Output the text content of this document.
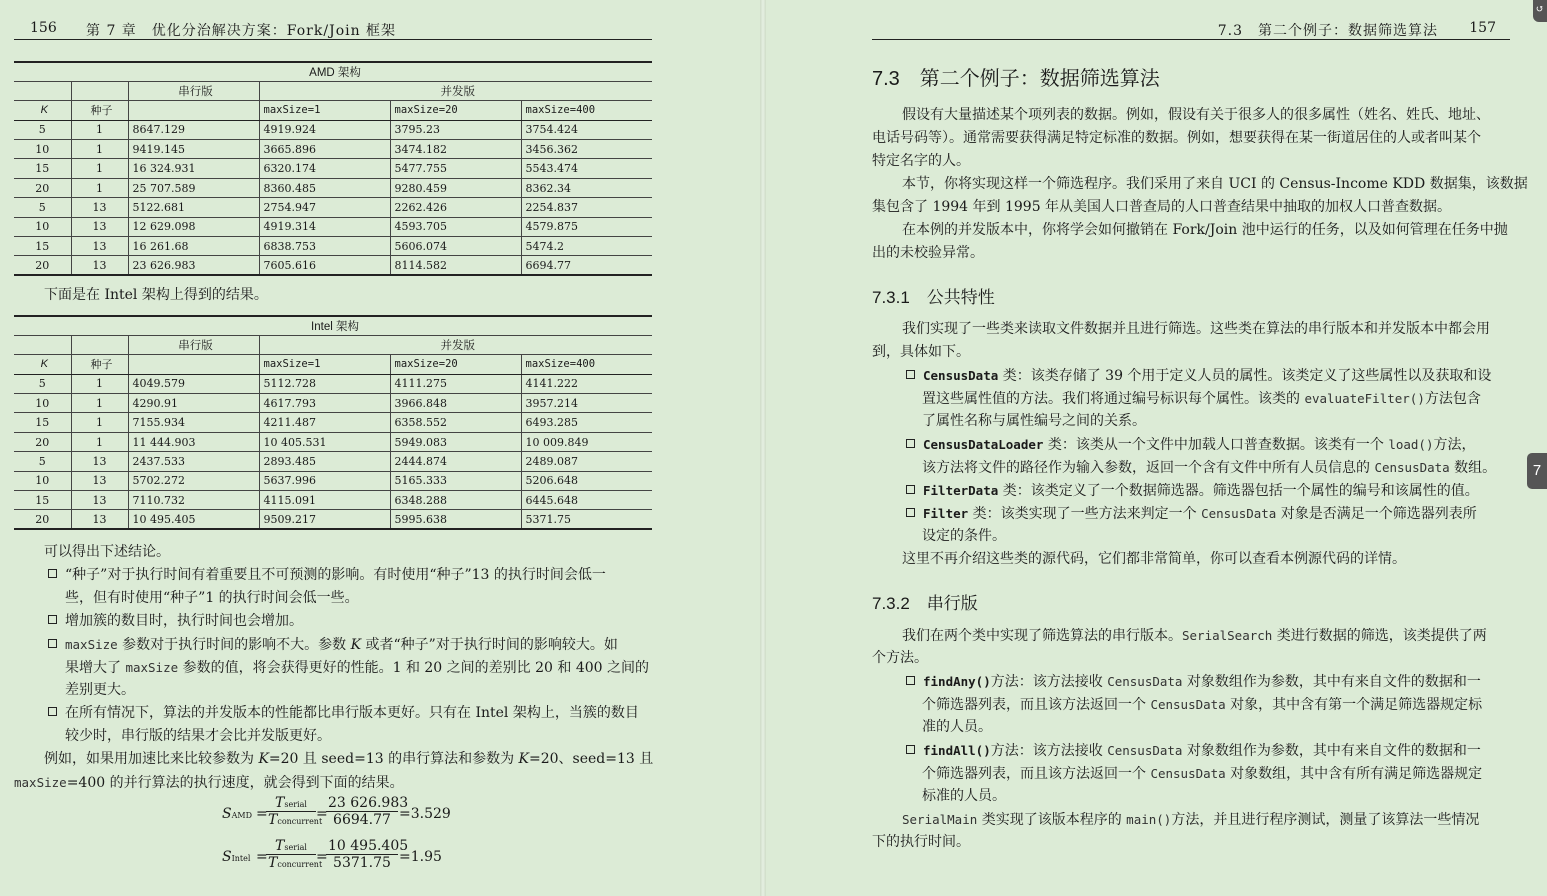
156 第 7 章　优化分治解决方案：Fork/Join 框架
AMD 架构					
		串行版	并发版		
K	种子		maxSize=1	maxSize=20	maxSize=400
5	1	8647.129	4919.924	3795.23	3754.424
10	1	9419.145	3665.896	3474.182	3456.362
15	1	16 324.931	6320.174	5477.755	5543.474
20	1	25 707.589	8360.485	9280.459	8362.34
5	13	5122.681	2754.947	2262.426	2254.837
10	13	12 629.098	4919.314	4593.705	4579.875
15	13	16 261.68	6838.753	5606.074	5474.2
20	13	23 626.983	7605.616	8114.582	6694.77
下面是在 Intel 架构上得到的结果。
Intel 架构					
		串行版	并发版		
K	种子		maxSize=1	maxSize=20	maxSize=400
5	1	4049.579	5112.728	4111.275	4141.222
10	1	4290.91	4617.793	3966.848	3957.214
15	1	7155.934	4211.487	6358.552	6493.285
20	1	11 444.903	10 405.531	5949.083	10 009.849
5	13	2437.533	2893.485	2444.874	2489.087
10	13	5702.272	5637.996	5165.333	5206.648
15	13	7110.732	4115.091	6348.288	6445.648
20	13	10 495.405	9509.217	5995.638	5371.75
可以得出下述结论。
“种子”对于执行时间有着重要且不可预测的影响。有时使用“种子”13 的执行时间会低一
些，但有时使用“种子”1 的执行时间会低一些。
增加簇的数目时，执行时间也会增加。
maxSize 参数对于执行时间的影响不大。参数 K 或者“种子”对于执行时间的影响较大。如
果增大了 maxSize 参数的值，将会获得更好的性能。1 和 20 之间的差别比 20 和 400 之间的
差别更大。
在所有情况下，算法的并发版本的性能都比串行版本更好。只有在 Intel 架构上，当簇的数目
较少时，串行版的结果才会比并发版更好。
例如，如果用加速比来比较参数为 K=20 且 seed=13 的串行算法和参数为 K=20、seed=13 且
maxSize=400 的并行算法的执行速度，就会得到下面的结果。
SAMD =
Tserial
Tconcurrent
=
$\frac{23 626.983}{6694.77} =3.529$
SIntel =
Tserial
Tconcurrent
=
$\frac{10 495.405}{5371.75} =1.95$
7.3　第二个例子：数据筛选算法 157
7.3　第二个例子：数据筛选算法
假设有大量描述某个项列表的数据。例如，假设有关于很多人的很多属性（姓名、姓氏、地址、
电话号码等）。通常需要获得满足特定标准的数据。例如，想要获得在某一街道居住的人或者叫某个
特定名字的人。
本节，你将实现这样一个筛选程序。我们采用了来自 UCI 的 Census-Income KDD 数据集，该数据
集包含了 1994 年到 1995 年从美国人口普查局的人口普查结果中抽取的加权人口普查数据。
在本例的并发版本中，你将学会如何撤销在 Fork/Join 池中运行的任务，以及如何管理在任务中抛
出的未校验异常。
7.3.1　公共特性
我们实现了一些类来读取文件数据并且进行筛选。这些类在算法的串行版本和并发版本中都会用
到，具体如下。
CensusData 类：该类存储了 39 个用于定义人员的属性。该类定义了这些属性以及获取和设
置这些属性值的方法。我们将通过编号标识每个属性。该类的 evaluateFilter()方法包含
了属性名称与属性编号之间的关系。
CensusDataLoader 类：该类从一个文件中加载人口普查数据。该类有一个 load()方法，
该方法将文件的路径作为输入参数，返回一个含有文件中所有人员信息的 CensusData 数组。
FilterData 类：该类定义了一个数据筛选器。筛选器包括一个属性的编号和该属性的值。
Filter 类：该类实现了一些方法来判定一个 CensusData 对象是否满足一个筛选器列表所
设定的条件。
这里不再介绍这些类的源代码，它们都非常简单，你可以查看本例源代码的详情。
7.3.2　串行版
我们在两个类中实现了筛选算法的串行版本。SerialSearch 类进行数据的筛选，该类提供了两
个方法。
findAny()方法：该方法接收 CensusData 对象数组作为参数，其中有来自文件的数据和一
个筛选器列表，而且该方法返回一个 CensusData 对象，其中含有第一个满足筛选器规定标
准的人员。
findAll()方法：该方法接收 CensusData 对象数组作为参数，其中有来自文件的数据和一
个筛选器列表，而且该方法返回一个 CensusData 对象数组，其中含有所有满足筛选器规定
标准的人员。
SerialMain 类实现了该版本程序的 main()方法，并且进行程序测试，测量了该算法一些情况
下的执行时间。
7
↺
